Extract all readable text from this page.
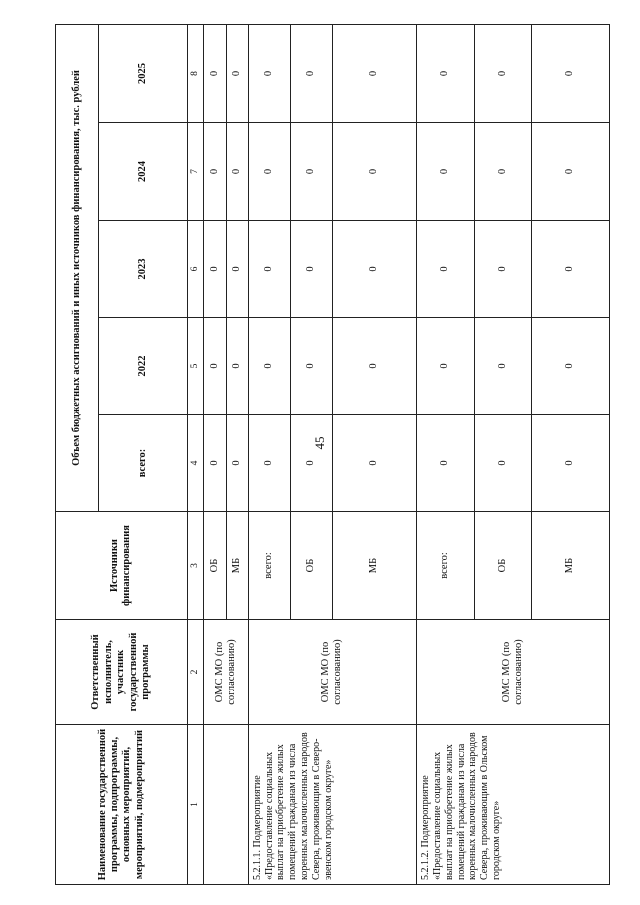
45
Наименование государственной программы, подпрограммы, основных мероприятий, мероприятий, подмероприятий	Ответственный исполнитель, участник государственной программы	Источники финансирования	Объем бюджетных ассигнований и иных источников финансирования, тыс. рублей				
			всего:	2022	2023	2024	2025
1	2	3	4	5	6	7	8
	ОМС МО (по согласованию)	ОБ	0	0	0	0	0
		МБ	0	0	0	0	0
5.2.1.1. Подмероприятие «Предоставление социальных выплат на приобретение жилых помещений гражданам из числа коренных малочисленных народов Севера, проживающим в Северо-эвенском городском округе»	ОМС МО (по согласованию)	всего:	0	0	0	0	0
		ОБ	0	0	0	0	0
		МБ	0	0	0	0	0
5.2.1.2. Подмероприятие «Предоставление социальных выплат на приобретение жилых помещений гражданам из числа коренных малочисленных народов Севера, проживающим в Ольском городском округе»	ОМС МО (по согласованию)	всего:	0	0	0	0	0
		ОБ	0	0	0	0	0
		МБ	0	0	0	0	0
